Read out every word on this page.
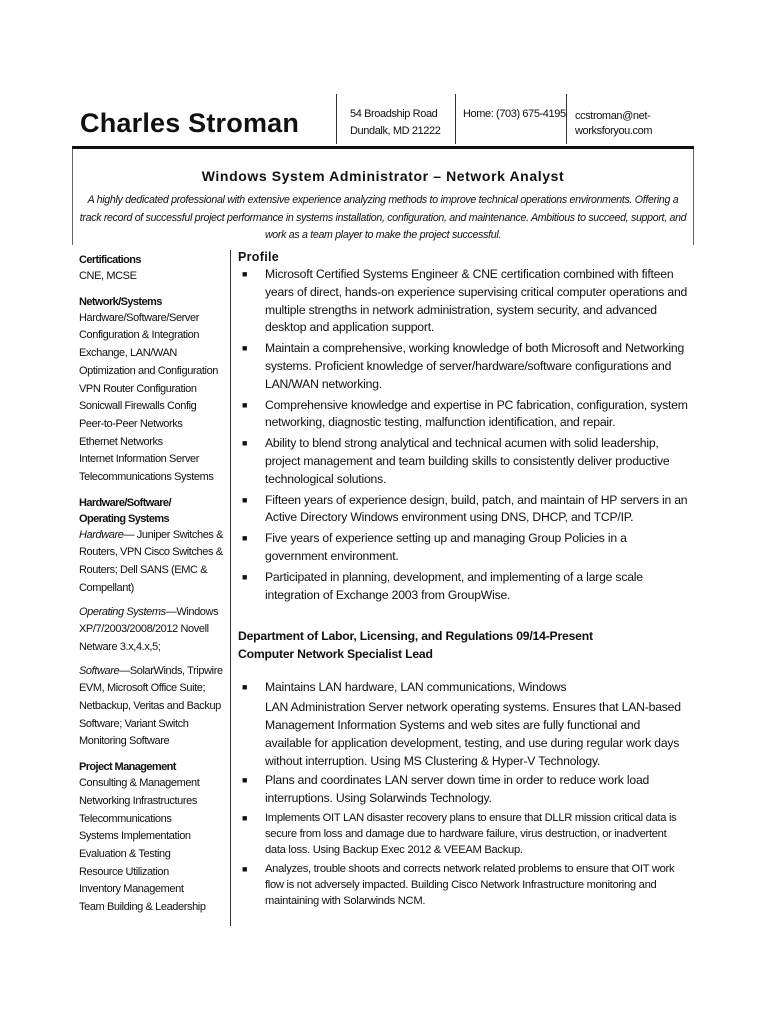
Charles Stroman	54 Broadship Road
Dundalk, MD 21222
Home: (703) 675-4195 ccstroman@net-
worksforyou.com
Windows System Administrator – Network Analyst
A highly dedicated professional with extensive experience analyzing methods to improve technical operations environments. Offering a track record of successful project performance in systems installation, configuration, and maintenance. Ambitious to succeed, support, and work as a team player to make the project successful.
Certifications
CNE, MCSE
Network/Systems
Hardware/Software/Server
Configuration & Integration
Exchange, LAN/WAN
Optimization and Configuration
VPN Router Configuration
Sonicwall Firewalls Config
Peer-to-Peer Networks
Ethernet Networks
Internet Information Server
Telecommunications Systems
Hardware/Software/
Operating Systems
Hardware— Juniper Switches & Routers, VPN Cisco Switches & Routers; Dell SANS (EMC & Compellant)
Operating Systems—Windows XP/7/2003/2008/2012 Novell Netware 3.x,4.x,5;
Software—SolarWinds, Tripwire EVM, Microsoft Office Suite; Netbackup, Veritas and Backup Software; Variant Switch Monitoring Software
Project Management
Consulting & Management
Networking Infrastructures
Telecommunications
Systems Implementation
Evaluation & Testing
Resource Utilization
Inventory Management
Team Building & Leadership
Profile
■ Microsoft Certified Systems Engineer & CNE certification combined with fifteen years of direct, hands-on experience supervising critical computer operations and multiple strengths in network administration, system security, and advanced desktop and application support.
■ Maintain a comprehensive, working knowledge of both Microsoft and Networking systems. Proficient knowledge of server/hardware/software configurations and LAN/WAN networking.
■ Comprehensive knowledge and expertise in PC fabrication, configuration, system networking, diagnostic testing, malfunction identification, and repair.
■ Ability to blend strong analytical and technical acumen with solid leadership, project management and team building skills to consistently deliver productive technological solutions.
■ Fifteen years of experience design, build, patch, and maintain of HP servers in an Active Directory Windows environment using DNS, DHCP, and TCP/IP.
■ Five years of experience setting up and managing Group Policies in a government environment.
■ Participated in planning, development, and implementing of a large scale integration of Exchange 2003 from GroupWise.
Department of Labor, Licensing, and Regulations 09/14-Present
Computer Network Specialist Lead
■ Maintains LAN hardware, LAN communications, Windows
LAN Administration Server network operating systems. Ensures that LAN-based Management Information Systems and web sites are fully functional and available for application development, testing, and use during regular work days without interruption. Using MS Clustering & Hyper-V Technology.
■ Plans and coordinates LAN server down time in order to reduce work load interruptions. Using Solarwinds Technology.
■ Implements OIT LAN disaster recovery plans to ensure that DLLR mission critical data is secure from loss and damage due to hardware failure, virus destruction, or inadvertent data loss. Using Backup Exec 2012 & VEEAM Backup.
■ Analyzes, trouble shoots and corrects network related problems to ensure that OIT work flow is not adversely impacted. Building Cisco Network Infrastructure monitoring and maintaining with Solarwinds NCM.
